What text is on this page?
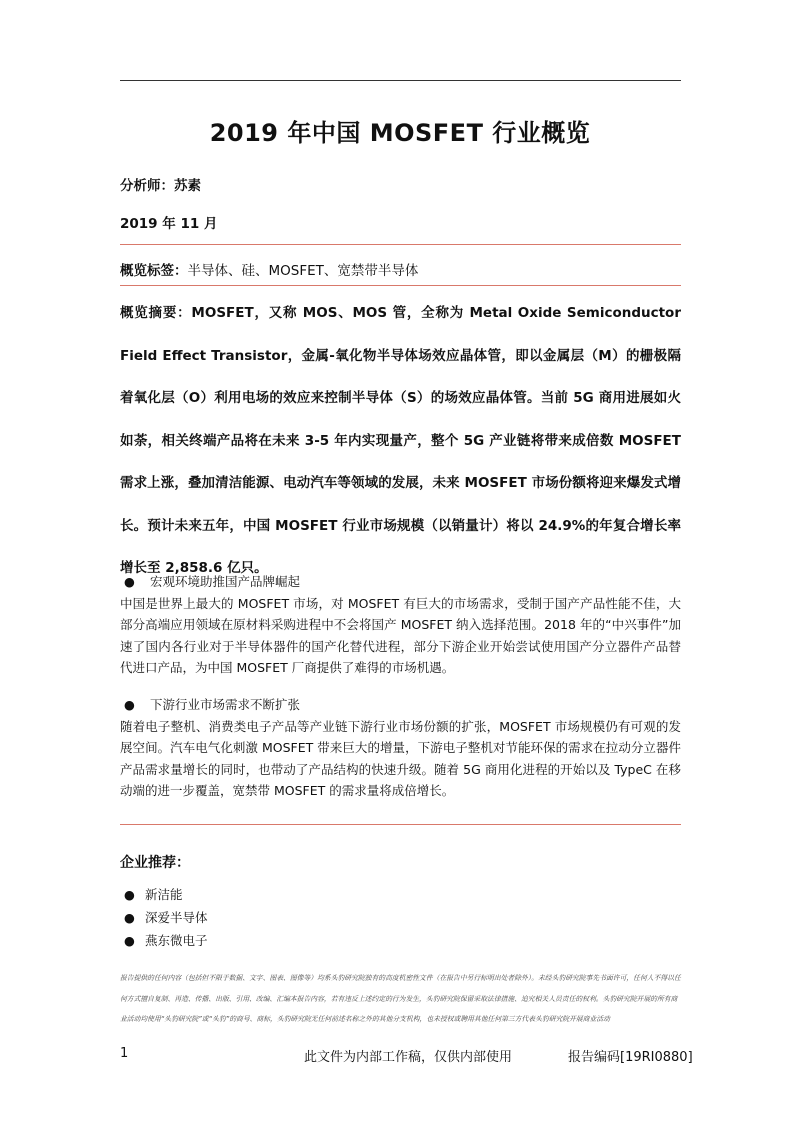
2019 年中国 MOSFET 行业概览
分析师：苏素
2019 年 11 月
概览标签：半导体、硅、MOSFET、宽禁带半导体
概览摘要：MOSFET，又称 MOS、MOS 管，全称为 Metal Oxide Semiconductor Field Effect Transistor，金属-氧化物半导体场效应晶体管，即以金属层（M）的栅极隔着氧化层（O）利用电场的效应来控制半导体（S）的场效应晶体管。当前 5G 商用进展如火如荼，相关终端产品将在未来 3-5 年内实现量产，整个 5G 产业链将带来成倍数 MOSFET 需求上涨，叠加清洁能源、电动汽车等领域的发展，未来 MOSFET 市场份额将迎来爆发式增长。预计未来五年，中国 MOSFET 行业市场规模（以销量计）将以 24.9%的年复合增长率增长至 2,858.6 亿只。
● 宏观环境助推国产品牌崛起

中国是世界上最大的 MOSFET 市场，对 MOSFET 有巨大的市场需求，受制于国产产品性能不佳，大部分高端应用领域在原材料采购进程中不会将国产 MOSFET 纳入选择范围。2018 年的“中兴事件”加速了国内各行业对于半导体器件的国产化替代进程，部分下游企业开始尝试使用国产分立器件产品替代进口产品，为中国 MOSFET 厂商提供了难得的市场机遇。

● 下游行业市场需求不断扩张

随着电子整机、消费类电子产品等产业链下游行业市场份额的扩张，MOSFET 市场规模仍有可观的发展空间。汽车电气化刺激 MOSFET 带来巨大的增量，下游电子整机对节能环保的需求在拉动分立器件产品需求量增长的同时，也带动了产品结构的快速升级。随着 5G 商用化进程的开始以及 TypeC 在移动端的进一步覆盖，宽禁带 MOSFET 的需求量将成倍增长。

企业推荐：
● 新洁能
● 深爱半导体
● 燕东微电子
报告提供的任何内容（包括但不限于数据、文字、图表、图像等）均系头豹研究院独有的高度机密性文件（在报告中另行标明出处者除外）。未经头豹研究院事先书面许可，任何人不得以任何方式擅自复制、再造、传播、出版、引用、改编、汇编本报告内容，若有违反上述约定的行为发生，头豹研究院保留采取法律措施、追究相关人员责任的权利。头豹研究院开展的所有商业活动均使用“头豹研究院”或“头豹”的商号、商标，头豹研究院无任何前述名称之外的其他分支机构，也未授权或聘用其他任何第三方代表头豹研究院开展商业活动
1	此文件为内部工作稿，仅供内部使用	报告编码[19RI0880]
